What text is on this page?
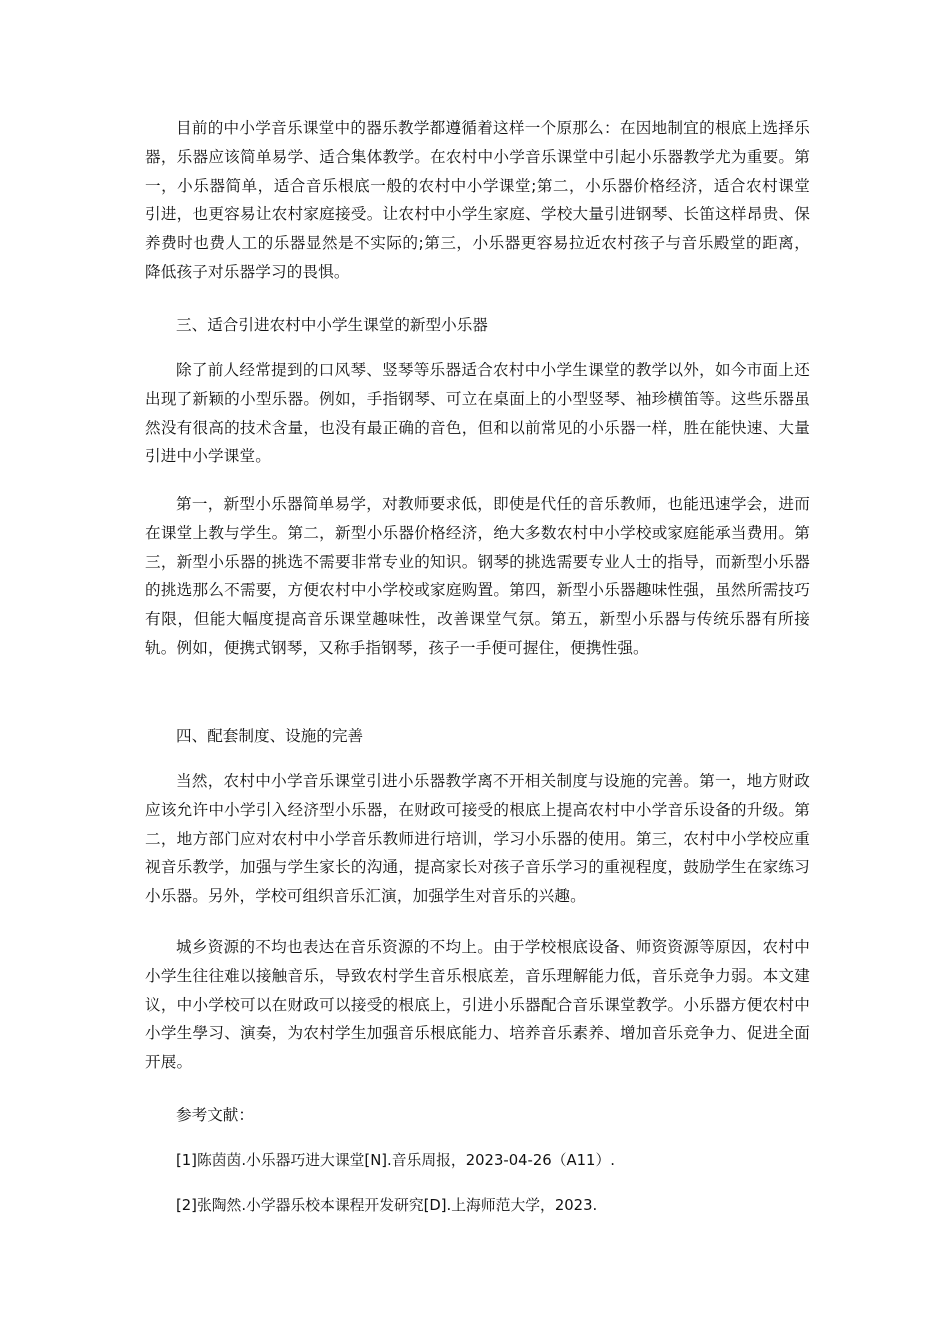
目前的中小学音乐课堂中的器乐教学都遵循着这样一个原那么：在因地制宜的根底上选择乐器，乐器应该简单易学、适合集体教学。在农村中小学音乐课堂中引起小乐器教学尤为重要。第一，小乐器简单，适合音乐根底一般的农村中小学课堂;第二，小乐器价格经济，适合农村课堂引进，也更容易让农村家庭接受。让农村中小学生家庭、学校大量引进钢琴、长笛这样昂贵、保养费时也费人工的乐器显然是不实际的;第三，小乐器更容易拉近农村孩子与音乐殿堂的距离，降低孩子对乐器学习的畏惧。

三、适合引进农村中小学生课堂的新型小乐器

除了前人经常提到的口风琴、竖琴等乐器适合农村中小学生课堂的教学以外，如今市面上还出现了新颖的小型乐器。例如，手指钢琴、可立在桌面上的小型竖琴、袖珍横笛等。这些乐器虽然没有很高的技术含量，也没有最正确的音色，但和以前常见的小乐器一样，胜在能快速、大量引进中小学课堂。

第一，新型小乐器简单易学，对教师要求低，即使是代任的音乐教师，也能迅速学会，进而在课堂上教与学生。第二，新型小乐器价格经济，绝大多数农村中小学校或家庭能承当费用。第三，新型小乐器的挑选不需要非常专业的知识。钢琴的挑选需要专业人士的指导，而新型小乐器的挑选那么不需要，方便农村中小学校或家庭购置。第四，新型小乐器趣味性强，虽然所需技巧有限，但能大幅度提高音乐课堂趣味性，改善课堂气氛。第五，新型小乐器与传统乐器有所接轨。例如，便携式钢琴，又称手指钢琴，孩子一手便可握住，便携性强。

四、配套制度、设施的完善

当然，农村中小学音乐课堂引进小乐器教学离不开相关制度与设施的完善。第一，地方财政应该允许中小学引入经济型小乐器，在财政可接受的根底上提高农村中小学音乐设备的升级。第二，地方部门应对农村中小学音乐教师进行培训，学习小乐器的使用。第三，农村中小学校应重视音乐教学，加强与学生家长的沟通，提高家长对孩子音乐学习的重视程度，鼓励学生在家练习小乐器。另外，学校可组织音乐汇演，加强学生对音乐的兴趣。

城乡资源的不均也表达在音乐资源的不均上。由于学校根底设备、师资资源等原因，农村中小学生往往难以接触音乐，导致农村学生音乐根底差，音乐理解能力低，音乐竞争力弱。本文建议，中小学校可以在财政可以接受的根底上，引进小乐器配合音乐课堂教学。小乐器方便农村中小学生學习、演奏，为农村学生加强音乐根底能力、培养音乐素养、增加音乐竞争力、促进全面开展。

参考文献：

[1]陈茵茵.小乐器巧进大课堂[N].音乐周报，2023-04-26（A11）.

[2]张陶然.小学器乐校本课程开发研究[D].上海师范大学，2023.
